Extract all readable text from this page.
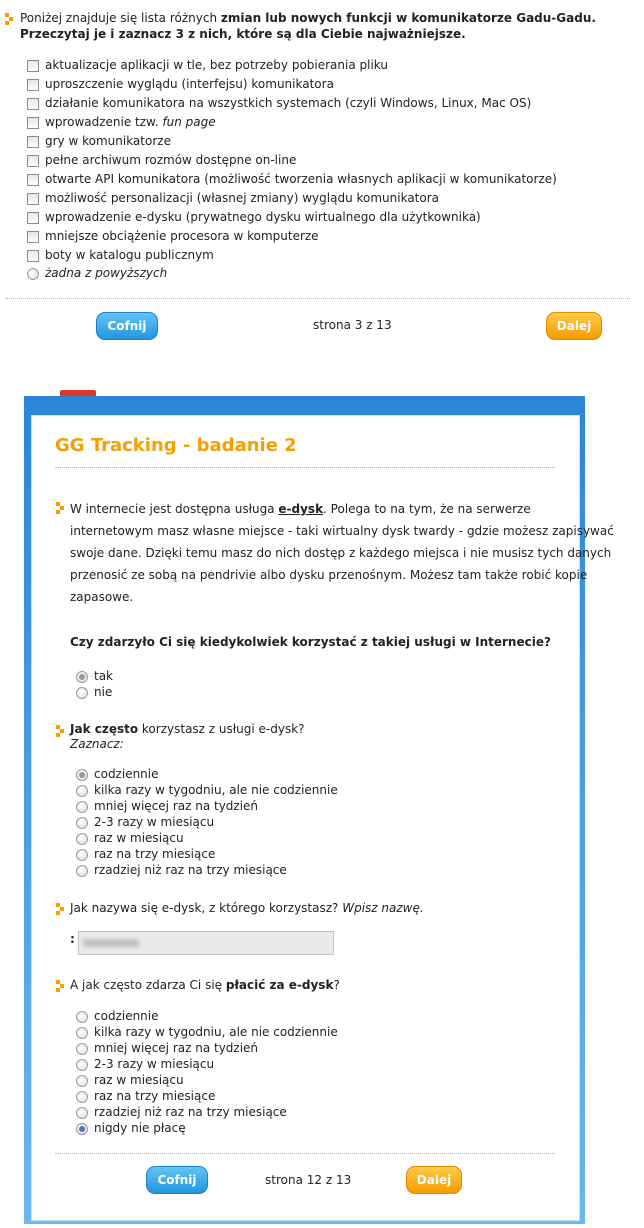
Poniżej znajduje się lista różnych zmian lub nowych funkcji w komunikatorze Gadu-Gadu.
Przeczytaj je i zaznacz 3 z nich, które są dla Ciebie najważniejsze.
aktualizacje aplikacji w tle, bez potrzeby pobierania pliku
uproszczenie wyglądu (interfejsu) komunikatora
działanie komunikatora na wszystkich systemach (czyli Windows, Linux, Mac OS)
wprowadzenie tzw. fun page
gry w komunikatorze
pełne archiwum rozmów dostępne on-line
otwarte API komunikatora (możliwość tworzenia własnych aplikacji w komunikatorze)
możliwość personalizacji (własnej zmiany) wyglądu komunikatora
wprowadzenie e-dysku (prywatnego dysku wirtualnego dla użytkownika)
mniejsze obciążenie procesora w komputerze
boty w katalogu publicznym
żadna z powyższych
Cofnij	strona 3 z 13	Dalej
GG Tracking - badanie 2
W internecie jest dostępna usługa e-dysk. Polega to na tym, że na serwerze
internetowym masz własne miejsce - taki wirtualny dysk twardy - gdzie możesz zapisywać
swoje dane. Dzięki temu masz do nich dostęp z każdego miejsca i nie musisz tych danych
przenosić ze sobą na pendrivie albo dysku przenośnym. Możesz tam także robić kopie
zapasowe.
Czy zdarzyło Ci się kiedykolwiek korzystać z takiej usługi w Internecie?
tak
nie
Jak często korzystasz z usługi e-dysk?
Zaznacz:
codziennie
kilka razy w tygodniu, ale nie codziennie
mniej więcej raz na tydzień
2-3 razy w miesiącu
raz w miesiącu
raz na trzy miesiące
rzadziej niż raz na trzy miesiące
Jak nazywa się e-dysk, z którego korzystasz? Wpisz nazwę.
:
A jak często zdarza Ci się płacić za e-dysk?
codziennie
kilka razy w tygodniu, ale nie codziennie
mniej więcej raz na tydzień
2-3 razy w miesiącu
raz w miesiącu
raz na trzy miesiące
rzadziej niż raz na trzy miesiące
nigdy nie płacę
Cofnij	strona 12 z 13	Dalej
